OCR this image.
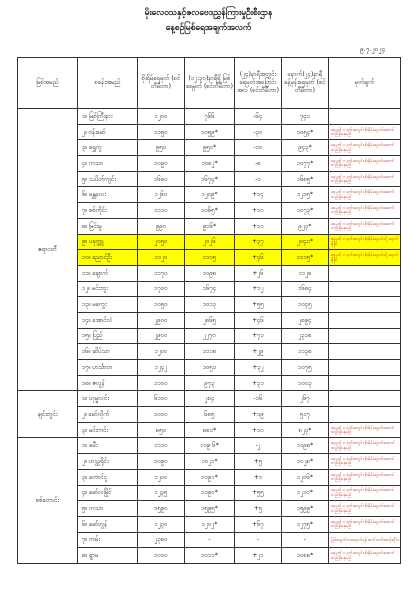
မိုးလေဝသနှင့်ဇလဗေဒညွှန်ကြားမှုဦးစီးဌာန
နေ့စဉ်မြစ်ရေအချက်အလက်
၉.၇.၂၀၂၄
မြစ်အမည်	စခန်းအမည်	စိုးရိမ်ရေမှတ် (စင်တီမီတာ)	(၁၂:၃၀)နာရီရှိ မြစ်ရေမှတ် (စင်တီမီတာ)	(၂၄)နာရီအတွင်း ရေမှတ်အပြောင်း အလဲ (စင်တီမီတာ)	နောက်(၂၄)နာရီ ခန့်မှန်းရေမှတ် (စင်တီမီတာ)	မှတ်ချက်
ဧရာဝတီ	၁။ မြစ်ကြီးနား	၁၂၀၀	၇၆၆	-၆၄	၇၄၁	
	၂။ ဗန်းမော်	၁၁၅၀	၁၀၅၉*	-၃၀	၁၀၅၄*	ရေမှတ် ၁ ရက်အတွင်း စိုးရိမ်ရေမှတ်အောက် တည်ရှိနေမည်
	၃။ ရွှေကူ	၉၅၀	၉၅၀*	-၁၀	၉၄၃*	ရေမှတ် ၁ ရက်အတွင်း စိုးရိမ်ရေမှတ်အောက် တည်ရှိနေမည်
	၄။ ကသာ	၁၀၉၀	၁၀၈၂*	-၈	၁၀၇၇*	ရေမှတ် ၁ ရက်အတွင်း စိုးရိမ်ရေမှတ်အောက် တည်ရှိနေမည်
	၅။ သပိတ်ကျင်း	၁၆၈၀	၁၆၇၄*	-၁	၁၆၈၅*	ရေမှတ် ၁ ရက်အတွင်း စိုးရိမ်ရေမှတ်အောက် တည်ရှိနေမည်
	၆။ မန္တလေး	၁၂၆၀	၁၂၀၉*	+၁၄	၁၂၁၅*	ရေမှတ် ၁ ရက်အတွင်း စိုးရိမ်ရေမှတ်အောက် တည်ရှိနေမည်
	၇။ စစ်ကိုင်း	၁၁၁၀	၁၀၆၅*	+၁၀	၁၀၇၃*	ရေမှတ် ၁ ရက်အတွင်း စိုးရိမ်ရေမှတ်အောက် တည်ရှိနေမည်
	၈။ မြင်းမူ	၉၉၀	၉၁၆*	+၁၁	၉၂၃*	ရေမှတ် ၁ ရက်အတွင်း စိုးရိမ်ရေမှတ်အောက် တည်ရှိနေမည်
	၉။ ပခုက္ကူ	၂၀၅၀	၂၀၂၆	+၃၇	၂၀၄၁*	ရေမှတ် ၁ ရက်အတွင်း စိုးရိမ်ရေမှတ်သို့ ရောက်ရှိနိုင်
	၁၀။ ညောင်ဦး	၁၁၂၀	၁၁၀၅	+၄၆	၁၁၁၅*	ရေမှတ် ၁ ရက်အတွင်း စိုးရိမ်ရေမှတ်သို့ ရောက်ရှိနိုင်
	၁၁။ ချောက်	၁၁၇၀	၁၀၉၈	+၂၆	၁၁၂၈	
	၁၂။ မင်းဘူး	၁၇၀၀	၁၆၇၄	+၁၂	၁၆၈၄	
	၁၃။ မကွေး	၁၀၅၀	၁၀၁၃	+၅၅	၁၀၄၅	
	၁၄။ အောင်လံ	၂၉၀၀	၂၈၆၅	+၄၆	၂၈၉၄	
	၁၅။ ပြည်	၂၉၀၀	၂၂၇၀	+၇၁	၂၃၁၈	
	၁၆။ ဆိပ်သာ	၁၂၀၀	၁၁၁၈	+၂၉	၁၁၃၈	
	၁၇။ ဟင်္သာတ	၁၂၄၂	၁၀၅၁	+၃၂	၁၀၇၅	
	၁၈။ ဇလွန်	၁၁၀၀	၉၇၃	+၃၁	၁၀၀၃	
ချင်းတွင်း	၁။ ဟုမ္မလင်း	၆၁၀၀	၂၈၄	-၁၆	၂၆၇	
	၂။ မော်လိုက်	၁၀၀၀	၆၈၅	+၁၉	၅၁၇	
	၃။ မင်းကင်း	၈၅၀	၈၈၁*	+၁၀	၈၂၃*	ရေမှတ် ၁ ရက်အတွင်း စိုးရိမ်ရေမှတ်အောက် တည်ရှိနေမည်
စစ်တောင်း	၁။ ခမီး	၁၁၁၀	၁၁၉ ၆*	-၂	၁၁၉၈*	ရေမှတ် ၁ ရက်အတွင်း စိုးရိမ်ရေမှတ်အထက် တည်ရှိနေမည်
	၂။ ဟသ္တရိုင်း	၁၀၉၀	၁၀၂၁*	+၅	၁၀၂၈*	ရေမှတ် ၁ ရက်အတွင်း စိုးရိမ်ရေမှတ်အောက် တည်ရှိနေမည်
	၃။ တောင်ငူ	၁၂၀၀	၁၁၉၁*	+၁	၁၂၀၆*	ရေမှတ် ၁ ရက်အတွင်း စိုးရိမ်ရေမှတ်အောက် တည်ရှိနေမည်
	၄။ မော်လမြိုင်	၁၂၃၅	၁၁၉၀*	+၅၅	၁၂၁၀*	ရေမှတ် ၁ ရက်အတွင်း စိုးရိမ်ရေမှတ်အောက် တည်ရှိနေမည်
	၅။ ကသာ	၁၅၉၀	၁၅၉၅*	+၅	၁၅၉၉*	ရေမှတ် ၁ ရက်အတွင်း စိုးရိမ်ရေမှတ်အထက် တည်ရှိနေမည်
	၆။ မော်တွန်	၁၂၃၀	၁၂၀၂*	+၆၇	၁၂၇၅*	ရေမှတ် ၁ ရက်အတွင်း စိုးရိမ်ရေမှတ်အထက် တည်ရှိနေမည်
	၇။ ကမ်း	၂၃၈၀	-	-	-	မြစ်ရေမှတ်လာရောက်ရန် ဆက်လက်စောင့်ဆိုင်း
	၈။ ရွာမ	၁၀၀၀	၁၀၁၁*	+၂၁	၁၀၈၈*	ရေမှတ် ၁ ရက်အတွင်း စိုးရိမ်ရေမှတ်အထက် တည်ရှိနေမည်
